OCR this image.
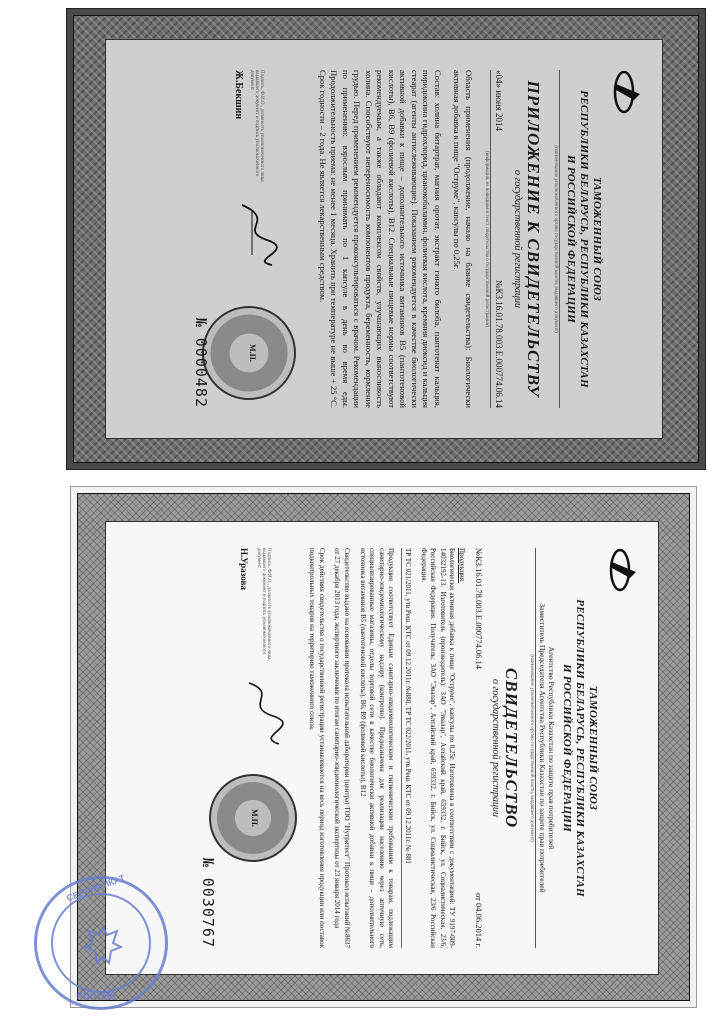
ТАМОЖЕННЫЙ СОЮЗ
РЕСПУБЛИКИ БЕЛАРУСЬ, РЕСПУБЛИКИ КАЗАХСТАН
И РОССИЙСКОЙ ФЕДЕРАЦИИ
(наименование уполномоченного органа государственной власти, выдавшего документ)
ПРИЛОЖЕНИЕ К СВИДЕТЕЛЬСТВУ
о государственной регистрации
«04» июня 2014
№КЗ.16.01.78.003.Е.000774.06.14
(информация, не вошедшая в текст свидетельства о государственной регистрации)
Область применения (продолжение, начало на бланке свидетельства): Биологически активная добавка к пище "Оструме", капсулы по 0,25г.
Состав: холина битартрат, магния оротат, экстракт гинкго билоба, пантотенат кальция, пиридоксина гидрохлорид, цианокобаламин, фолиевая кислота, кремния диоксид и кальция стеарат (агенты антислеживающие). Показанием рекомендуется в качестве биологически активной добавки к пище – дополнительного источника витаминов В5 (пантотеновой кислоты), В6, В9 (фолиевой кислоты), В12. Специальные пищевые нормы соответствуют рекомендуемым, а также обладают комплексом свойств, улучшающих выносливость холина. Способствуют непереносимость компонентов продукта, беременность, кормление грудью. Перед применением рекомендуется проконсультироваться с врачом. Рекомендации по применению: взрослым принимать по 1 капсуле в день во время еды. Продолжительность приема: не менее 1 месяца. Хранить при температуре не выше + 25 °С. Срок годности – 2 года. Не является лекарственным средством.
Подпись, Ф.И.О., должность уполномоченного лица, выдавшего документ и подпись уполномоченного документ
Ж.Бекшин
М.П.
№ 0000482
ТАМОЖЕННЫЙ СОЮЗ
РЕСПУБЛИКИ БЕЛАРУСЬ, РЕСПУБЛИКИ КАЗАХСТАН
И РОССИЙСКОЙ ФЕДЕРАЦИИ
Агентство Республики Казахстан по защите прав потребителей
Заместитель Председателя Агентства Республики Казахстан по защите прав потребителей
(наименование уполномоченного органа государственной власти, выдавшего документ)
СВИДЕТЕЛЬСТВО
о государственной регистрации
№КЗ.16.01.78.003.Е.000774.06.14
от 04.06.2014 г.
Продукция:
Биологически активная добавка к пище "Оструме", капсулы по 0,25г. Изготовлена в соответствии с документацией: ТУ 9197-009-14032192-13. Изготовитель (производитель): ЗАО "Эвалар", Алтайский край, 659332, г. Бийск, ул. Социалистическая, 23/6, Российская Федерация. Получатель: ЗАО "Эвалар", Алтайский край, 659332, г. Бийск, ул. Социалистическая, 23/6 Российская Федерация.
ТР ТС 021/2011, утв.Реш. КТС от 09.12.2011г. №880, ТР ТС 022/2011, утв.Реш. КТС от 09.12.2011г. № 881
Продукция соответствует Единым санитарно-эпидемиологическим и гигиеническим требованиям к товарам, подлежащим санитарно-эпидемиологическому надзору (контролю). Предназначена для реализации населению через аптечную сеть, специализированные магазины, отделы торговой сети в качестве биологически активной добавки к пище – дополнительного источника витаминов В5 (пантотеновой кислоты), В6, В9 (фолиевой кислоты), В12
Свидетельство выдано на основании протокола испытательной лаборатории (центра) ТОО "Нутритест" Протокол испытаний №8637 от 27 декабря 2013 года, экспертного заключения по итогам санитарно-эпидемиологической экспертизы от 23 января 2014 года
Срок действия свидетельства о государственной регистрации устанавливается на весь период изготовления продукции или поставок подконтрольных товаров на территорию таможенного союза.
Подпись, Ф.И.О., должность уполномоченного лица, выдавшего документ и подпись уполномоченного документ
Н.Уразова
М.П.
№ 0030767
СЕРТИФИКАТ
РОССИЯ
